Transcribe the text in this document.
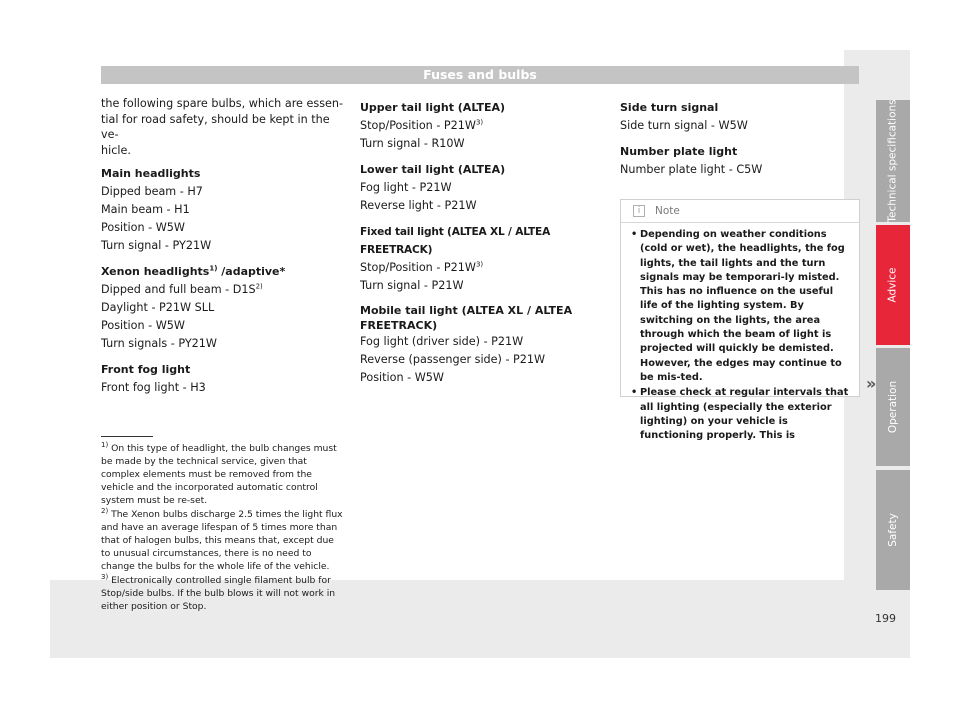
Fuses and bulbs

the following spare bulbs, which are essen-
tial for road safety, should be kept in the ve-
hicle.

Main headlights

Dipped beam - H7

Main beam - H1

Position - W5W

Turn signal - PY21W

Xenon headlights$^{1)}$ /adaptive*

Dipped and full beam - $D1S^{2)}$

Daylight - P21W SLL

Position - W5W

Turn signals - PY21W

Front fog light

Front fog light - H3

Upper tail light (ALTEA)

Stop/Position - $P21W^{3)}$

Turn signal - R10W

Lower tail light (ALTEA)

Fog light - P21W

Reverse light - P21W

Fixed tail light (ALTEA XL / ALTEA FREETRACK)

Stop/Position - $P21W^{3)}$

Turn signal - P21W

Mobile tail light (ALTEA XL / ALTEA FREETRACK)

Fog light (driver side) - P21W

Reverse (passenger side) - P21W

Position - W5W

Side turn signal

Side turn signal - W5W

Number plate light

Number plate light - C5W

i	Note
• Depending on weather conditions (cold or wet), the headlights, the fog lights, the tail lights and the turn signals may be temporari-ly misted. This has no influence on the useful life of the lighting system. By switching on the lights, the area through which the beam of light is projected will quickly be demisted. However, the edges may continue to be mis-ted.
• Please check at regular intervals that all lighting (especially the exterior lighting) on your vehicle is functioning properly. This is
»

$^{1)}$ On this type of headlight, the bulb changes must be made by the technical service, given that complex elements must be removed from the vehicle and the incorporated automatic control system must be re-set.

$^{2)}$ The Xenon bulbs discharge 2.5 times the light flux and have an average lifespan of 5 times more than that of halogen bulbs, this means that, except due to unusual circumstances, there is no need to change the bulbs for the whole life of the vehicle.

$^{3)}$ Electronically controlled single filament bulb for Stop/side bulbs. If the bulb blows it will not work in either position or Stop.

Technical specifications
Advice
Operation
Safety
199
